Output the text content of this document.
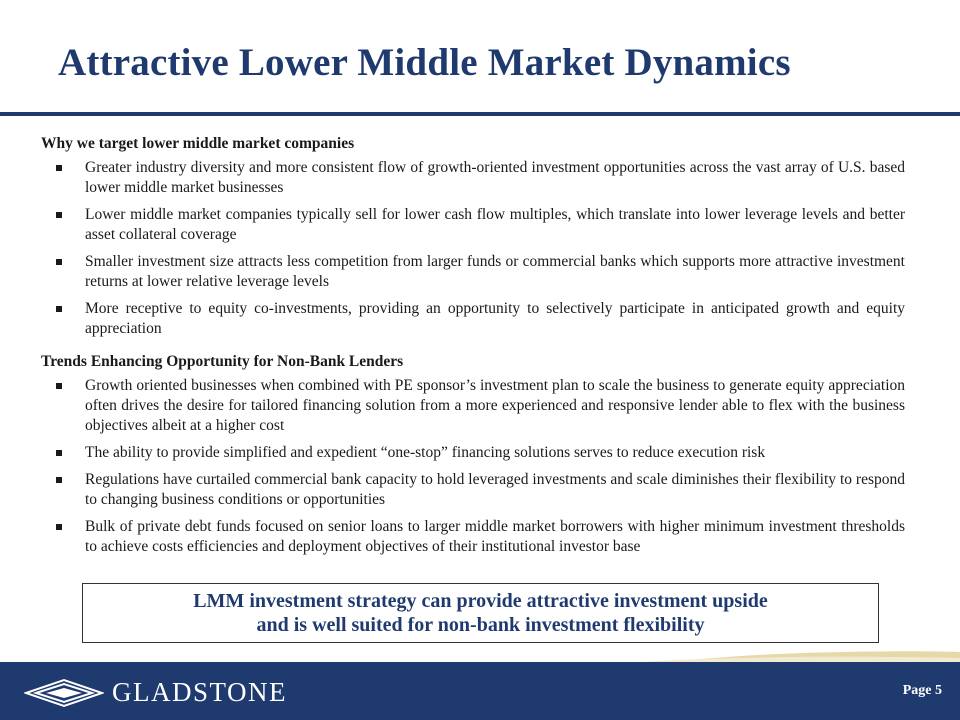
Attractive Lower Middle Market Dynamics
Why we target lower middle market companies
Greater industry diversity and more consistent flow of growth-oriented investment opportunities across the vast array of U.S. based lower middle market businesses
Lower middle market companies typically sell for lower cash flow multiples, which translate into lower leverage levels and better asset collateral coverage
Smaller investment size attracts less competition from larger funds or commercial banks which supports more attractive investment returns at lower relative leverage levels
More receptive to equity co-investments, providing an opportunity to selectively participate in anticipated growth and equity appreciation
Trends Enhancing Opportunity for Non-Bank Lenders
Growth oriented businesses when combined with PE sponsor’s investment plan to scale the business to generate equity appreciation often drives the desire for tailored financing solution from a more experienced and responsive lender able to flex with the business objectives albeit at a higher cost
The ability to provide simplified and expedient “one-stop” financing solutions serves to reduce execution risk
Regulations have curtailed commercial bank capacity to hold leveraged investments and scale diminishes their flexibility to respond to changing business conditions or opportunities
Bulk of private debt funds focused on senior loans to larger middle market borrowers with higher minimum investment thresholds to achieve costs efficiencies and deployment objectives of their institutional investor base
LMM investment strategy can provide attractive investment upside
and is well suited for non-bank investment flexibility
GLADSTONE	Page 5
